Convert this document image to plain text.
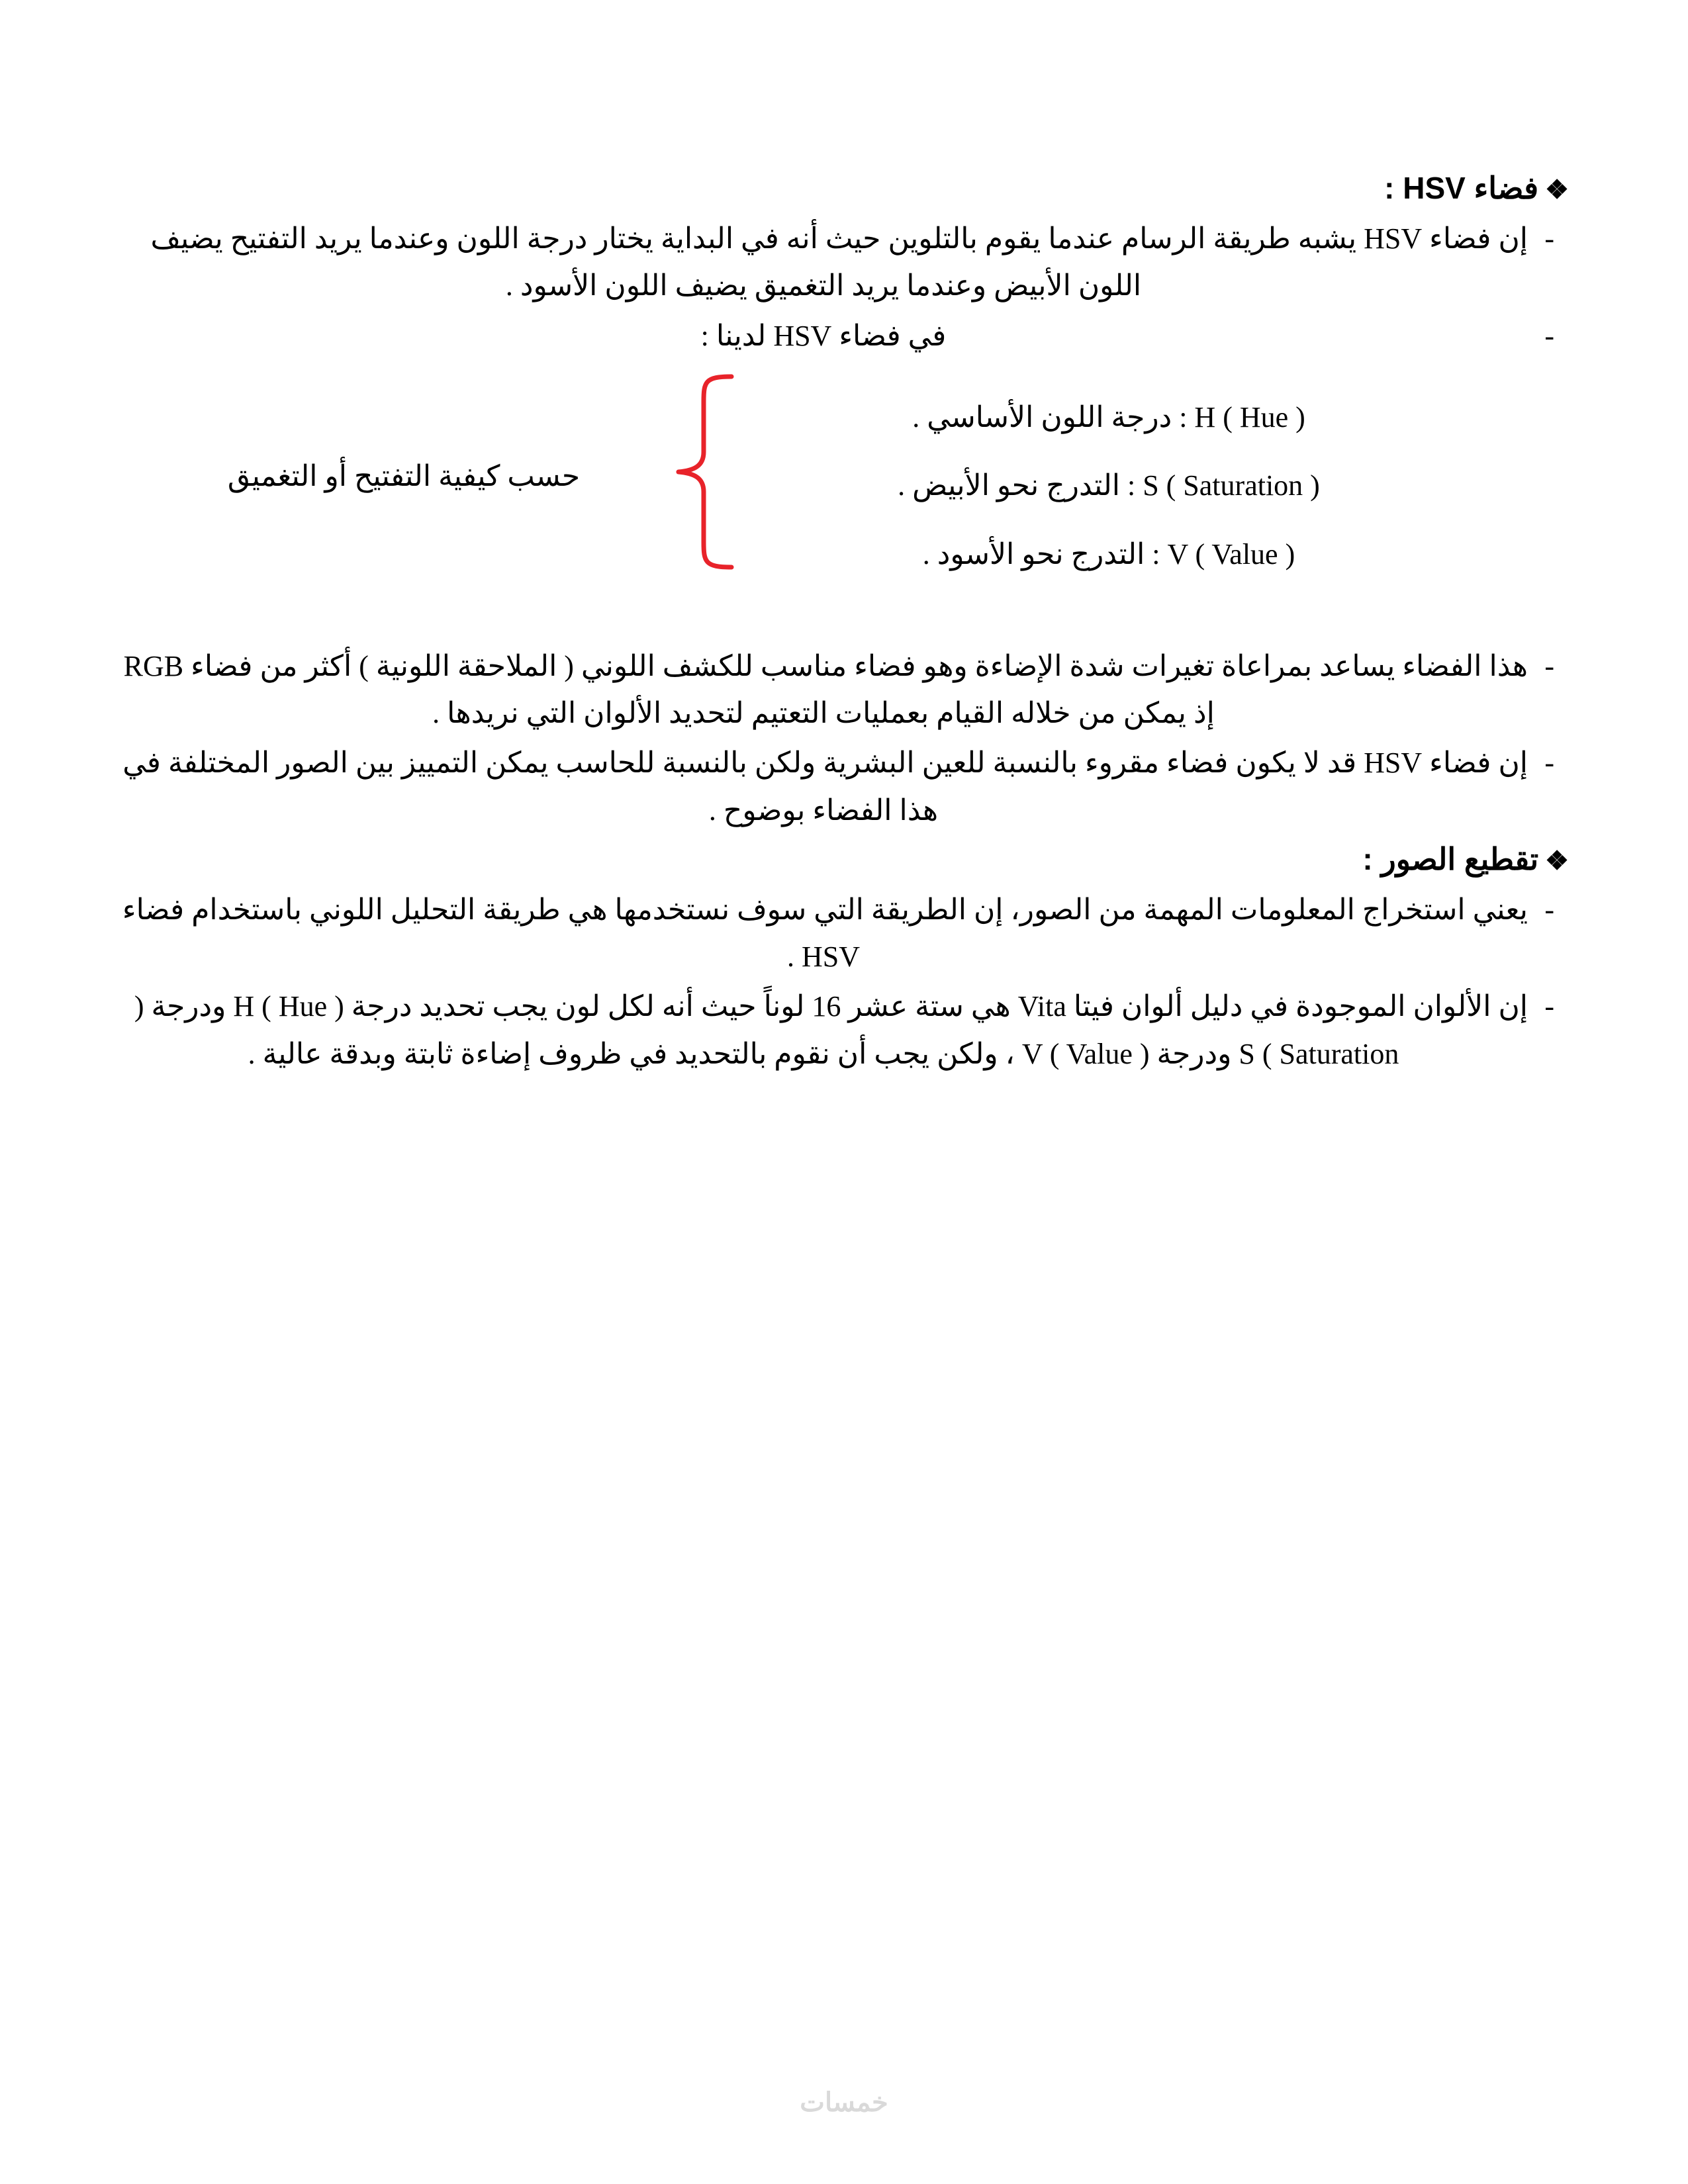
❖فضاء HSV :
- إن فضاء HSV يشبه طريقة الرسام عندما يقوم بالتلوين حيث أنه في البداية يختار درجة اللون وعندما يريد التفتيح يضيف اللون الأبيض وعندما يريد التغميق يضيف اللون الأسود .
- في فضاء HSV لدينا :
( H ( Hue : درجة اللون الأساسي .
( S ( Saturation : التدرج نحو الأبيض .
( V ( Value : التدرج نحو الأسود .
حسب كيفية التفتيح أو التغميق
- هذا الفضاء يساعد بمراعاة تغيرات شدة الإضاءة وهو فضاء مناسب للكشف اللوني ( الملاحقة اللونية ) أكثر من فضاء RGB إذ يمكن من خلاله القيام بعمليات التعتيم لتحديد الألوان التي نريدها .
- إن فضاء HSV قد لا يكون فضاء مقروء بالنسبة للعين البشرية ولكن بالنسبة للحاسب يمكن التمييز بين الصور المختلفة في هذا الفضاء بوضوح .
❖تقطيع الصور :
- يعني استخراج المعلومات المهمة من الصور، إن الطريقة التي سوف نستخدمها هي طريقة التحليل اللوني باستخدام فضاء HSV .
- إن الألوان الموجودة في دليل ألوان فيتا Vita هي ستة عشر 16 لوناً حيث أنه لكل لون يجب تحديد درجة ( H ( Hue ودرجة ( S ( Saturation ودرجة ( V ( Value ، ولكن يجب أن نقوم بالتحديد في ظروف إضاءة ثابتة وبدقة عالية .
خمسات
